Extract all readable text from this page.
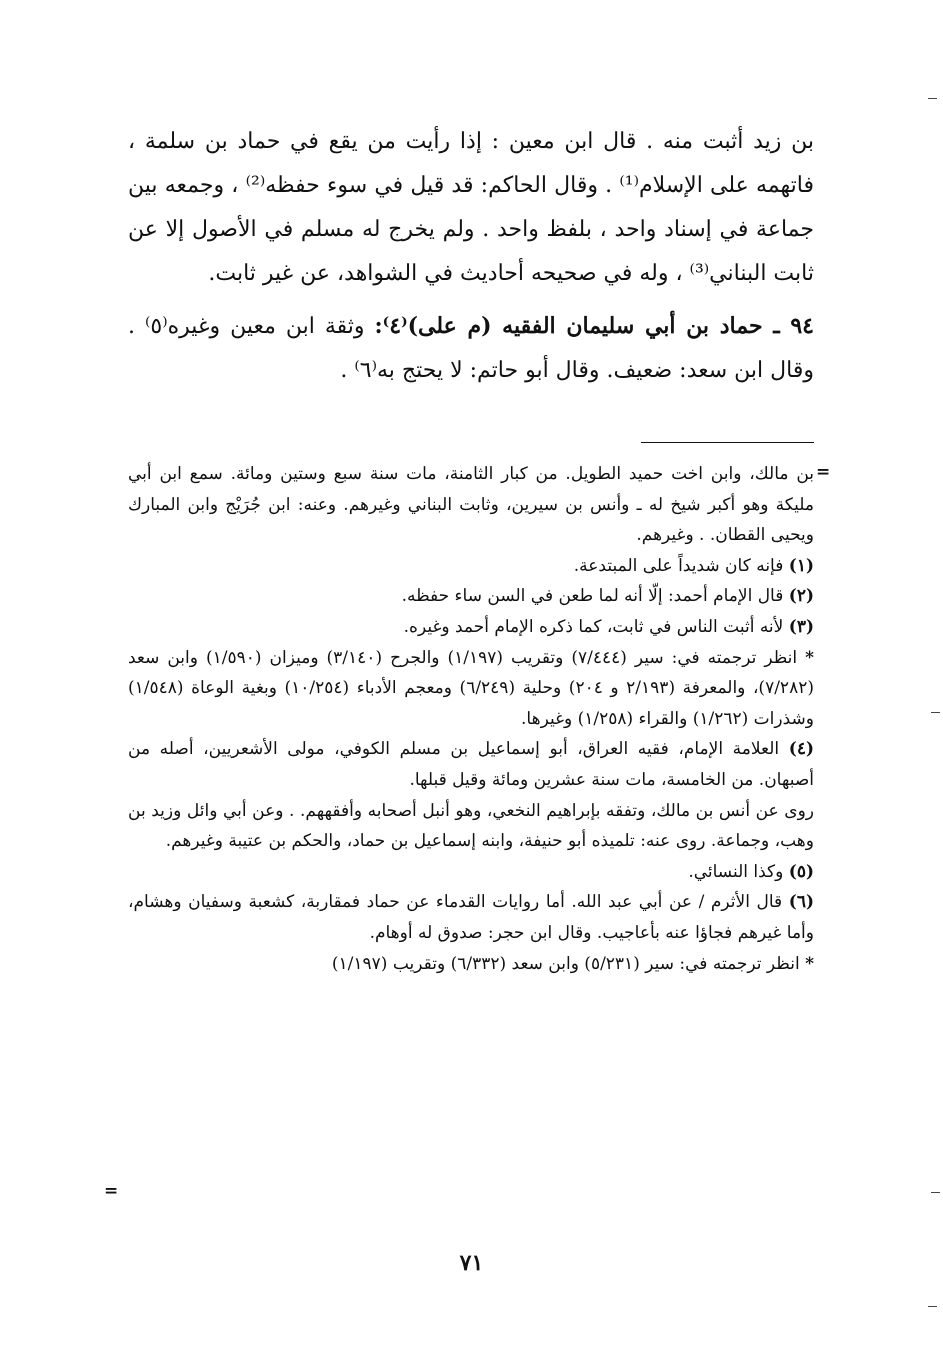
بن زيد أثبت منه . قال ابن معين : إذا رأيت من يقع في حماد بن سلمة ، فاتهمه على الإسلام⁽¹⁾ . وقال الحاكم: قد قيل في سوء حفظه⁽²⁾ ، وجمعه بين جماعة في إسناد واحد ، بلفظ واحد . ولم يخرج له مسلم في الأصول إلا عن ثابت البناني⁽³⁾ ، وله في صحيحه أحاديث في الشواهد، عن غير ثابت.

٩٤ ـ حماد بن أبي سليمان الفقيه (م على)⁽٤⁾: وثقة ابن معين وغيره⁽٥⁾ . وقال ابن سعد: ضعيف. وقال أبو حاتم: لا يحتج به⁽٦⁾ .

=

بن مالك، وابن اخت حميد الطويل. من كبار الثامنة، مات سنة سبع وستين ومائة. سمع ابن أبي مليكة وهو أكبر شيخ له ـ وأنس بن سيرين، وثابت البناني وغيرهم. وعنه: ابن جُرَيْج وابن المبارك ويحيى القطان. . وغيرهم.

(١) فإنه كان شديداً على المبتدعة.

(٢) قال الإمام أحمد: إلّا أنه لما طعن في السن ساء حفظه.

(٣) لأنه أثبت الناس في ثابت، كما ذكره الإمام أحمد وغيره.

* انظر ترجمته في: سير (٧/٤٤٤) وتقريب (١/١٩٧) والجرح (٣/١٤٠) وميزان (١/٥٩٠) وابن سعد (٧/٢٨٢)، والمعرفة (٢/١٩٣ و ٢٠٤) وحلية (٦/٢٤٩) ومعجم الأدباء (١٠/٢٥٤) وبغية الوعاة (١/٥٤٨) وشذرات (١/٢٦٢) والقراء (١/٢٥٨) وغيرها.

(٤) العلامة الإمام، فقيه العراق، أبو إسماعيل بن مسلم الكوفي، مولى الأشعريين، أصله من أصبهان. من الخامسة، مات سنة عشرين ومائة وقيل قبلها.

روى عن أنس بن مالك، وتفقه بإبراهيم النخعي، وهو أنبل أصحابه وأفقههم. . وعن أبي وائل وزيد بن وهب، وجماعة. روى عنه: تلميذه أبو حنيفة، وابنه إسماعيل بن حماد، والحكم بن عتيبة وغيرهم.

(٥) وكذا النسائي.

(٦) قال الأثرم / عن أبي عبد الله. أما روايات القدماء عن حماد فمقاربة، كشعبة وسفيان وهشام، وأما غيرهم فجاؤا عنه بأعاجيب. وقال ابن حجر: صدوق له أوهام.

* انظر ترجمته في: سير (٥/٢٣١) وابن سعد (٦/٣٣٢) وتقريب (١/١٩٧)

=
٧١
